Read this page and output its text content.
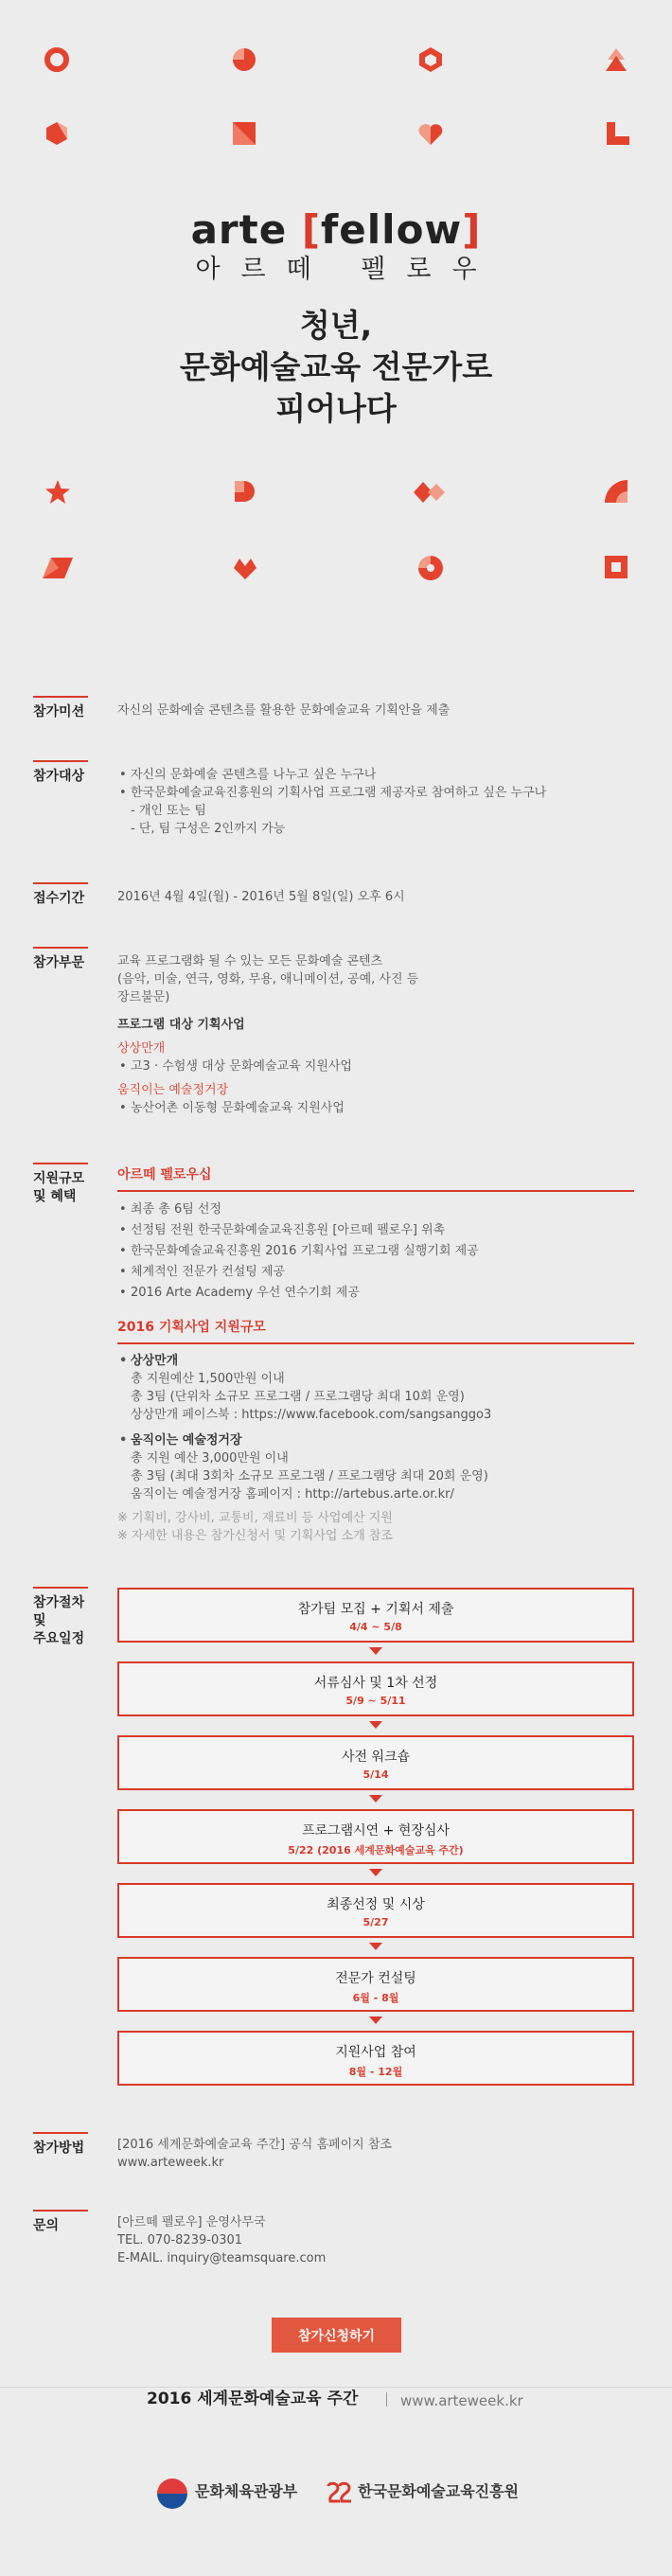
arte [fellow]
아르떼 펠로우
청년,
문화예술교육 전문가로
피어나다
참가미션	자신의 문화예술 콘텐츠를 활용한 문화예술교육 기획안을 제출
참가대상
•	자신의 문화예술 콘텐츠를 나누고 싶은 누구나
• 한국문화예술교육진흥원의 기획사업 프로그램 제공자로 참여하고 싶은 누구나
- 개인 또는 팀
- 단, 팀 구성은 2인까지 가능
접수기간	2016년 4월 4일(월) - 2016년 5월 8일(일) 오후 6시
참가부문	교육 프로그램화 될 수 있는 모든 문화예술 콘텐츠
(음악, 미술, 연극, 영화, 무용, 애니메이션, 공예, 사진 등
장르불문)
프로그램 대상 기획사업
상상만개
• 고3 · 수험생 대상 문화예술교육 지원사업
움직이는 예술정거장
• 농산어촌 이동형 문화예술교육 지원사업
지원규모
및 혜택
아르떼 펠로우십
• 최종 총 6팀 선정
• 선정팀 전원 한국문화예술교육진흥원 [아르떼 펠로우] 위촉
• 한국문화예술교육진흥원 2016 기획사업 프로그램 실행기회 제공
• 체계적인 전문가 컨설팅 제공
• 2016 Arte Academy 우선 연수기회 제공
2016 기획사업 지원규모
• 상상만개
총 지원예산 1,500만원 이내
총 3팀 (단위차 소규모 프로그램 / 프로그램당 최대 10회 운영)
상상만개 페이스북 : https://www.facebook.com/sangsanggo3
• 움직이는 예술정거장
총 지원 예산 3,000만원 이내
총 3팀 (최대 3회차 소규모 프로그램 / 프로그램당 최대 20회 운영)
움직이는 예술정거장 홈페이지 : http://artebus.arte.or.kr/
※ 기획비, 강사비, 교통비, 재료비 등 사업예산 지원
※ 자세한 내용은 참가신청서 및 기획사업 소개 참조
참가절차
및
주요일정
참가팀 모집 + 기획서 제출
4/4 ~ 5/8
서류심사 및 1차 선정
5/9 ~ 5/11
사전 워크숍
5/14
프로그램시연 + 현장심사
5/22 (2016 세계문화예술교육 주간)
최종선정 및 시상
5/27
전문가 컨설팅
6월 - 8월
지원사업 참여
8월 - 12월
참가방법	[2016 세계문화예술교육 주간] 공식 홈페이지 참조
www.arteweek.kr
문의	[아르떼 펠로우] 운영사무국
TEL. 070-8239-0301
E-MAIL. inquiry@teamsquare.com
참가신청하기
2016 세계문화예술교육 주간	www.arteweek.kr
문화체육관광부	한국문화예술교육진흥원
